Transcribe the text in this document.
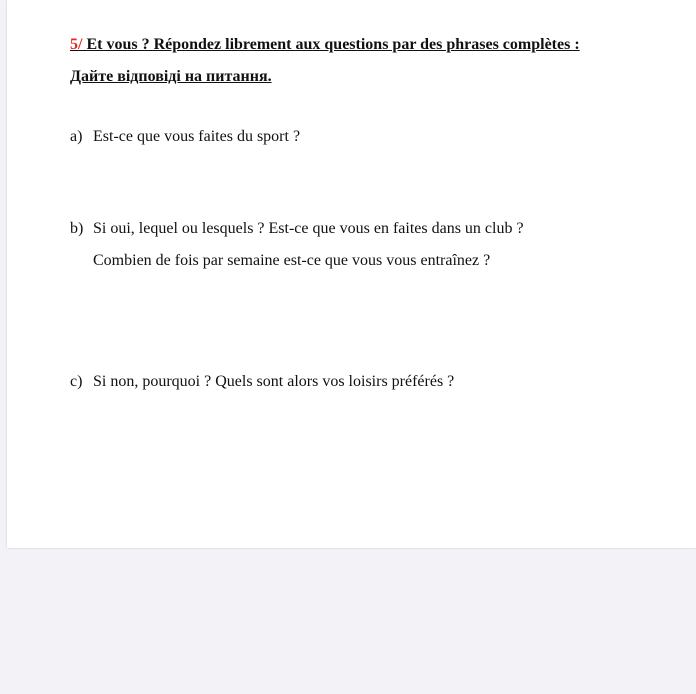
5/ Et vous ? Répondez librement aux questions par des phrases complètes :
Дайте відповіді на питання.
a) Est-ce que vous faites du sport ?
b) Si oui, lequel ou lesquels ? Est-ce que vous en faites dans un club ?
Combien de fois par semaine est-ce que vous vous entraînez ?
c) Si non, pourquoi ? Quels sont alors vos loisirs préférés ?
